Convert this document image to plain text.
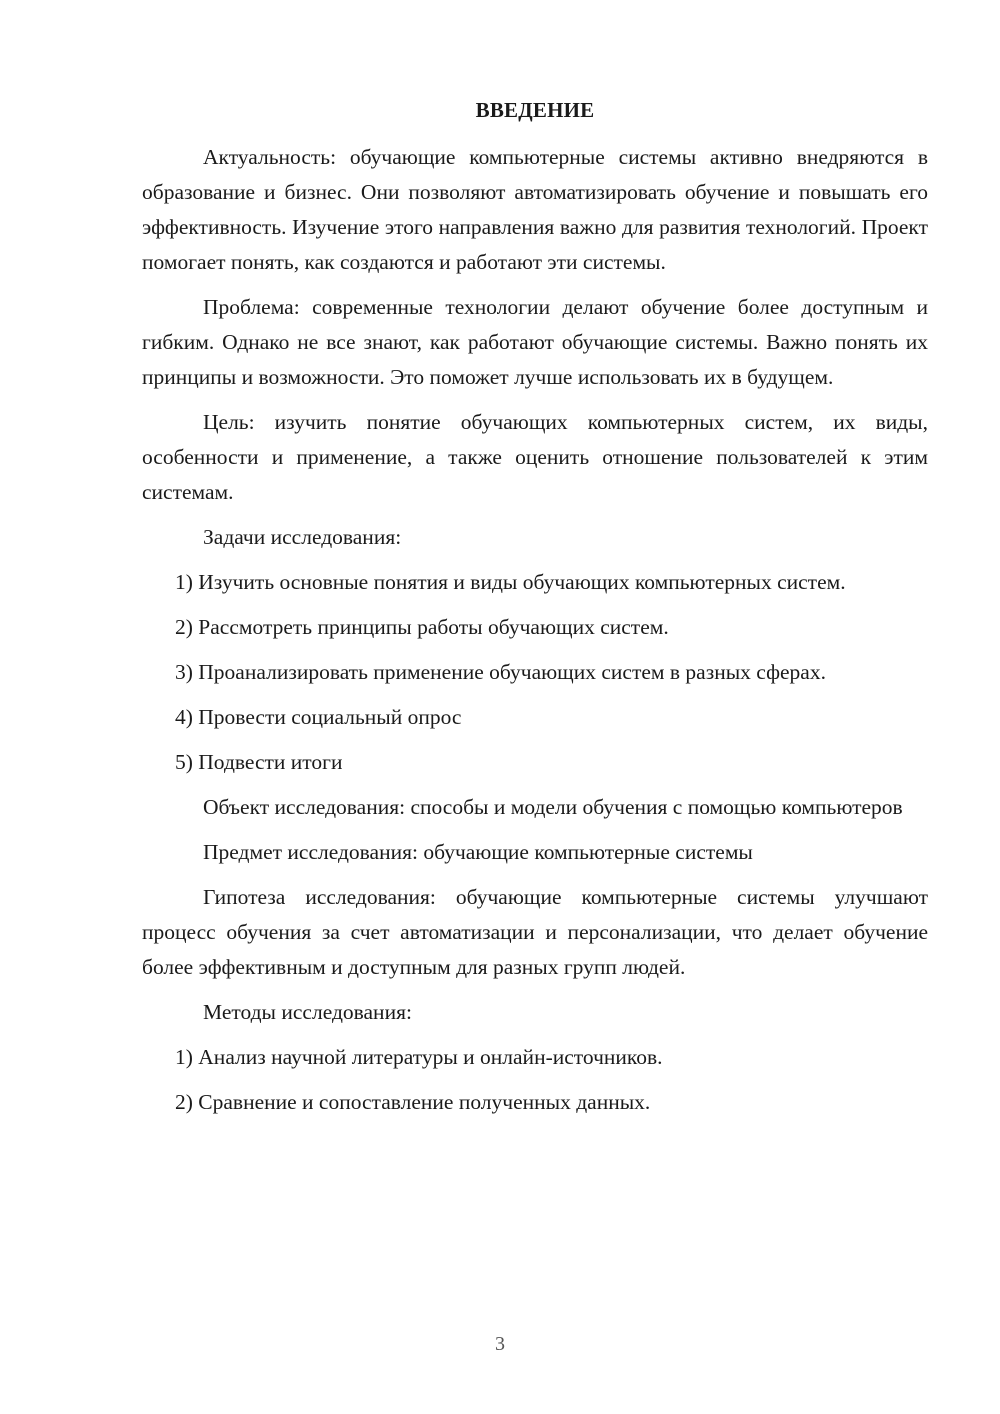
ВВЕДЕНИЕ

Актуальность: обучающие компьютерные системы активно внедряются в образование и бизнес. Они позволяют автоматизировать обучение и повышать его эффективность. Изучение этого направления важно для развития технологий. Проект помогает понять, как создаются и работают эти системы.

Проблема: современные технологии делают обучение более доступным и гибким. Однако не все знают, как работают обучающие системы. Важно понять их принципы и возможности. Это поможет лучше использовать их в будущем.

Цель: изучить понятие обучающих компьютерных систем, их виды, особенности и применение, а также оценить отношение пользователей к этим системам.

Задачи исследования:

1) Изучить основные понятия и виды обучающих компьютерных систем.

2) Рассмотреть принципы работы обучающих систем.

3) Проанализировать применение обучающих систем в разных сферах.

4) Провести социальный опрос

5) Подвести итоги

Объект исследования: способы и модели обучения с помощью компьютеров

Предмет исследования: обучающие компьютерные системы

Гипотеза исследования: обучающие компьютерные системы улучшают процесс обучения за счет автоматизации и персонализации, что делает обучение более эффективным и доступным для разных групп людей.

Методы исследования:

1) Анализ научной литературы и онлайн-источников.

2) Сравнение и сопоставление полученных данных.

3
